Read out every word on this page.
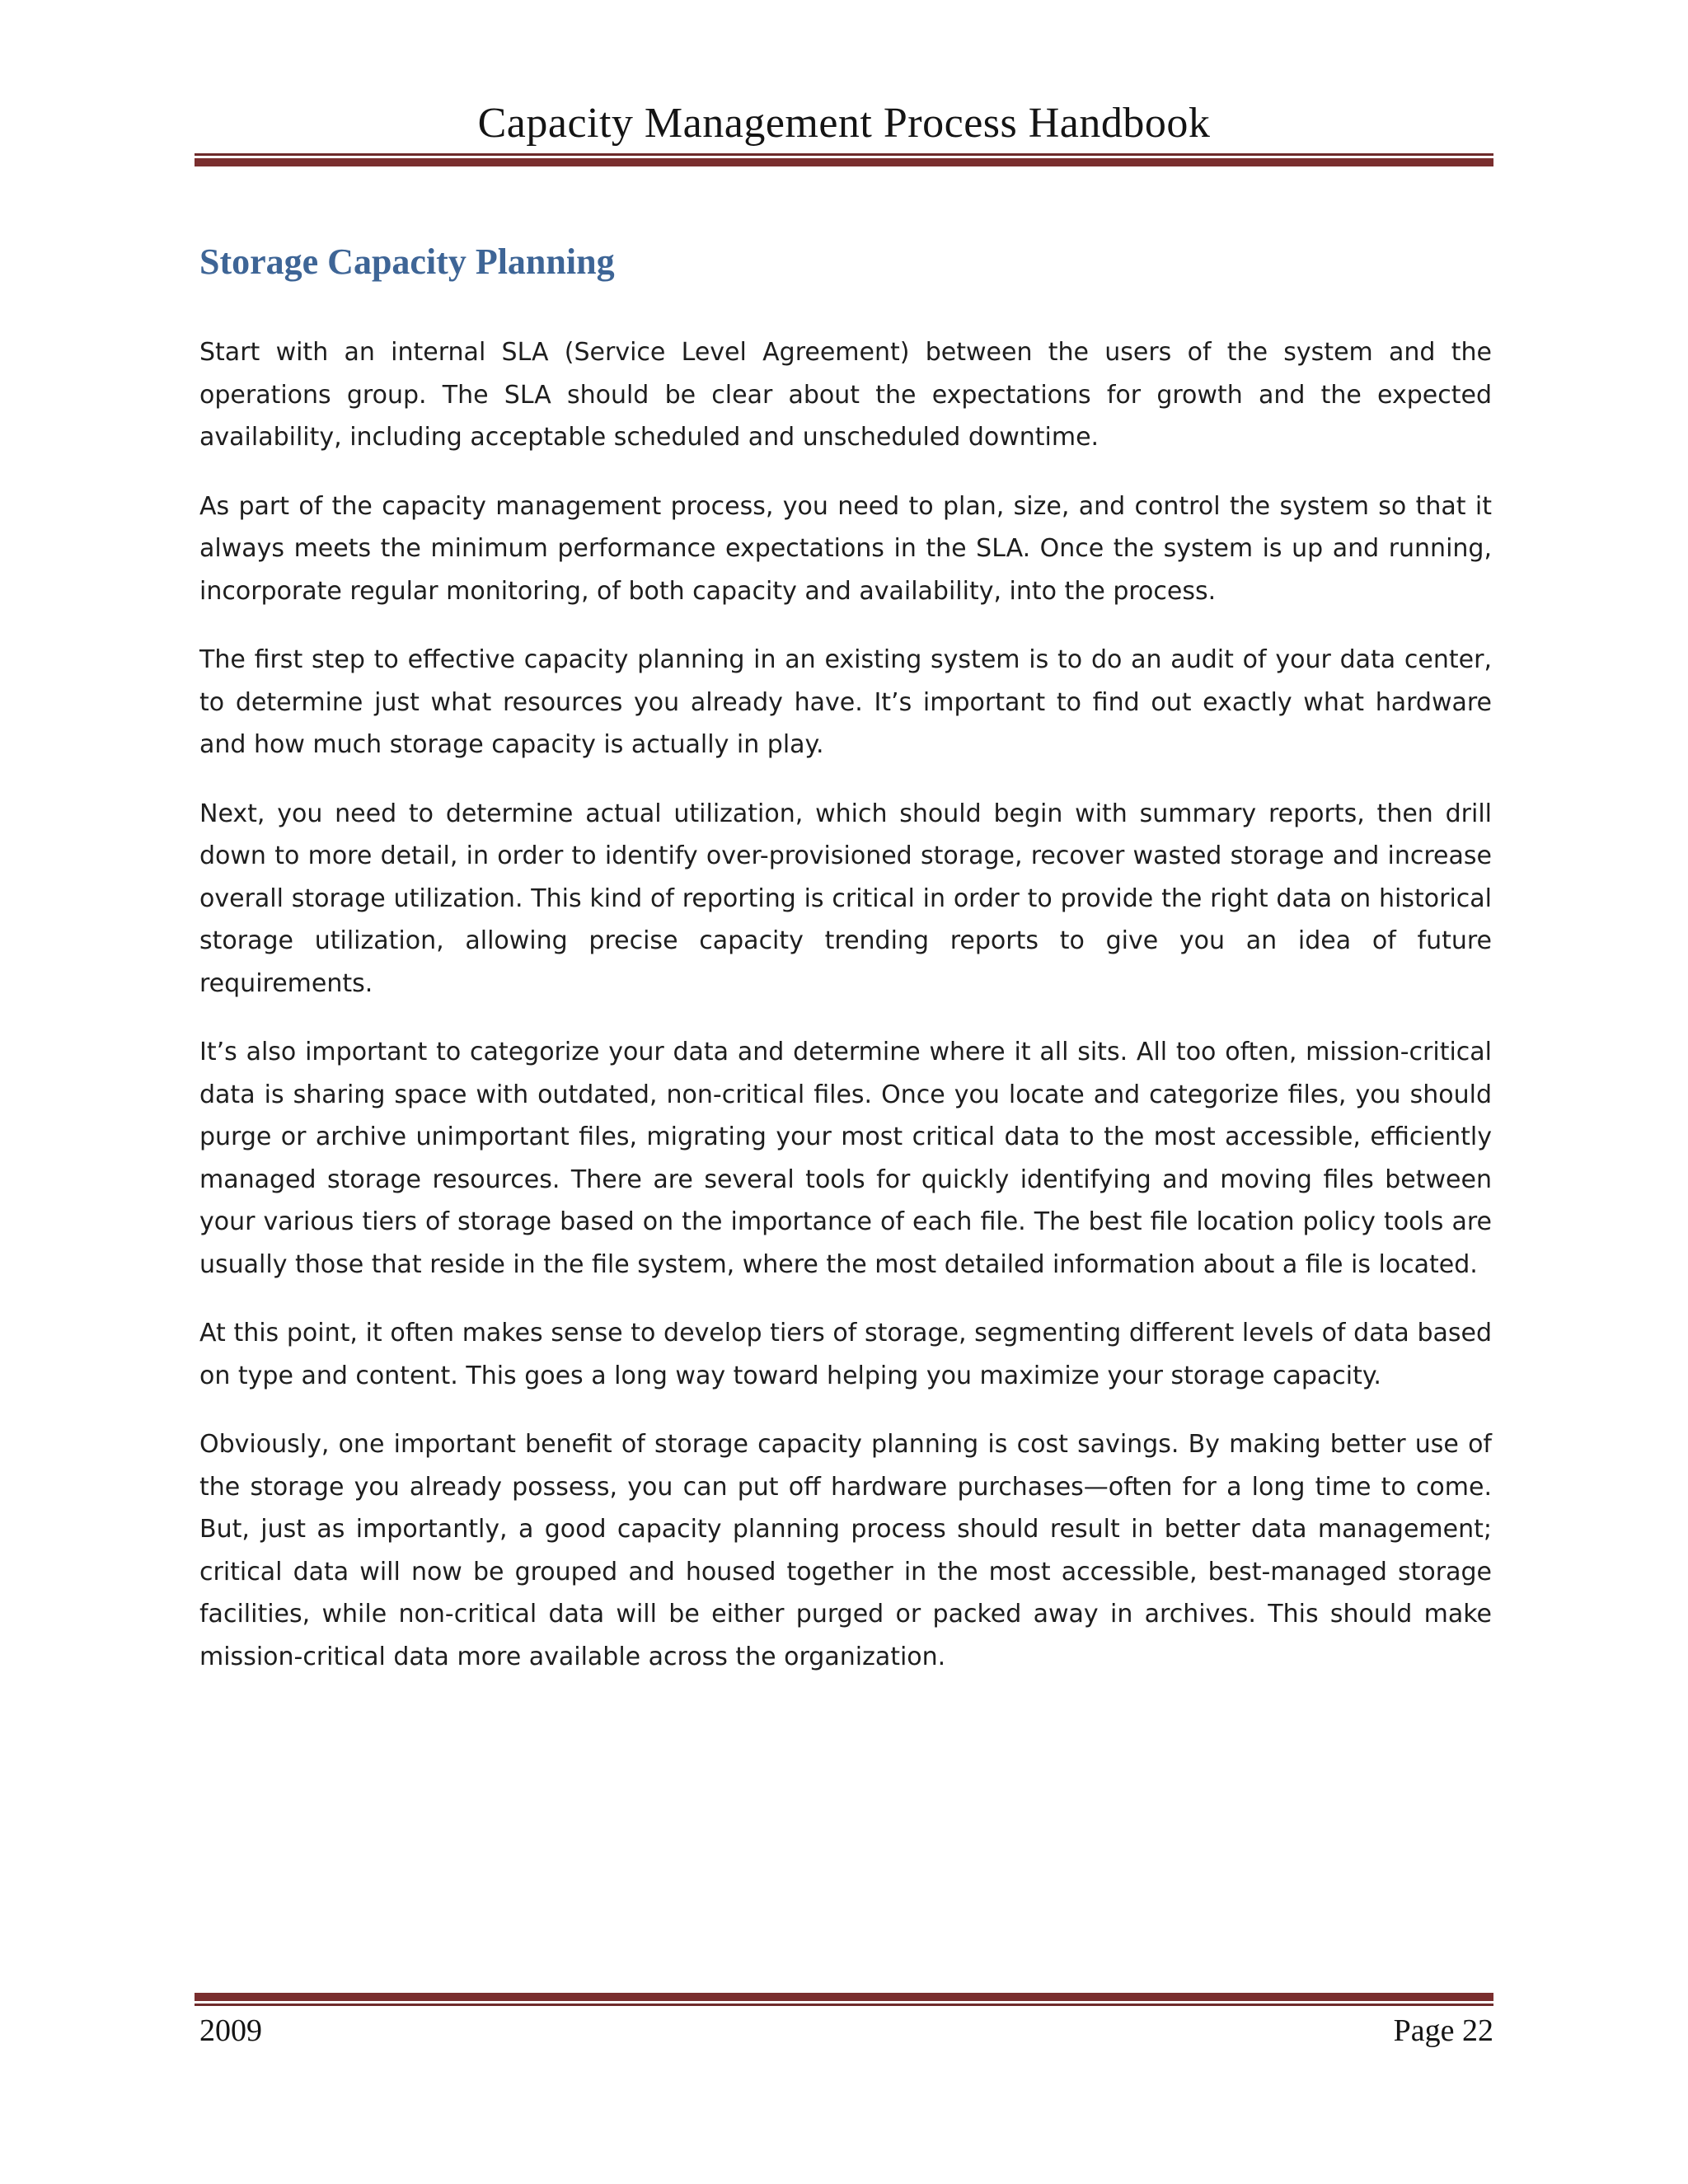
Capacity Management Process Handbook
Storage Capacity Planning

Start with an internal SLA (Service Level Agreement) between the users of the system and the operations group. The SLA should be clear about the expectations for growth and the expected availability, including acceptable scheduled and unscheduled downtime.

As part of the capacity management process, you need to plan, size, and control the system so that it always meets the minimum performance expectations in the SLA. Once the system is up and running, incorporate regular monitoring, of both capacity and availability, into the process.

The first step to effective capacity planning in an existing system is to do an audit of your data center, to determine just what resources you already have. It’s important to find out exactly what hardware and how much storage capacity is actually in play.

Next, you need to determine actual utilization, which should begin with summary reports, then drill down to more detail, in order to identify over-provisioned storage, recover wasted storage and increase overall storage utilization. This kind of reporting is critical in order to provide the right data on historical storage utilization, allowing precise capacity trending reports to give you an idea of future requirements.

It’s also important to categorize your data and determine where it all sits. All too often, mission-critical data is sharing space with outdated, non-critical files. Once you locate and categorize files, you should purge or archive unimportant files, migrating your most critical data to the most accessible, efficiently managed storage resources. There are several tools for quickly identifying and moving files between your various tiers of storage based on the importance of each file. The best file location policy tools are usually those that reside in the file system, where the most detailed information about a file is located.

At this point, it often makes sense to develop tiers of storage, segmenting different levels of data based on type and content. This goes a long way toward helping you maximize your storage capacity.

Obviously, one important benefit of storage capacity planning is cost savings. By making better use of the storage you already possess, you can put off hardware purchases—often for a long time to come. But, just as importantly, a good capacity planning process should result in better data management; critical data will now be grouped and housed together in the most accessible, best-managed storage facilities, while non-critical data will be either purged or packed away in archives. This should make mission-critical data more available across the organization.

2009	Page 22
